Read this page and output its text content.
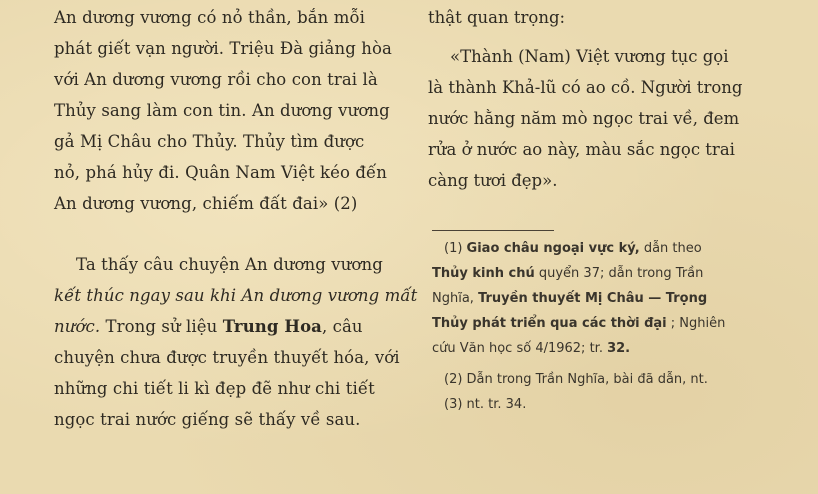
An dương vương có nỏ thần, bắn mỗi
phát giết vạn người. Triệu Đà giảng hòa
với An dương vương rồi cho con trai là
Thủy sang làm con tin. An dương vương
gả Mị Châu cho Thủy. Thủy tìm được
nỏ, phá hủy đi. Quân Nam Việt kéo đến
An dương vương, chiếm đất đai» (2)
Ta thấy câu chuyện An dương vương
kết thúc ngay sau khi An dương vương mất
nước. Trong sử liệu Trung Hoa, câu
chuyện chưa được truyền thuyết hóa, với
những chi tiết li kì đẹp đẽ như chi tiết
ngọc trai nước giếng sẽ thấy về sau.
thật quan trọng:
«Thành (Nam) Việt vương tục gọi
là thành Khả-lũ có ao cồ. Người trong
nước hằng năm mò ngọc trai về, đem
rửa ở nước ao này, màu sắc ngọc trai
càng tươi đẹp».
(1) Giao châu ngoại vực ký, dẫn theo
Thủy kinh chú quyển 37; dẫn trong Trần
Nghĩa, Truyền thuyết Mị Châu — Trọng
Thủy phát triển qua các thời đại ; Nghiên
cứu Văn học số 4/1962; tr. 32.
(2) Dẫn trong Trần Nghĩa, bài đã dẫn, nt.
(3) nt. tr. 34.
